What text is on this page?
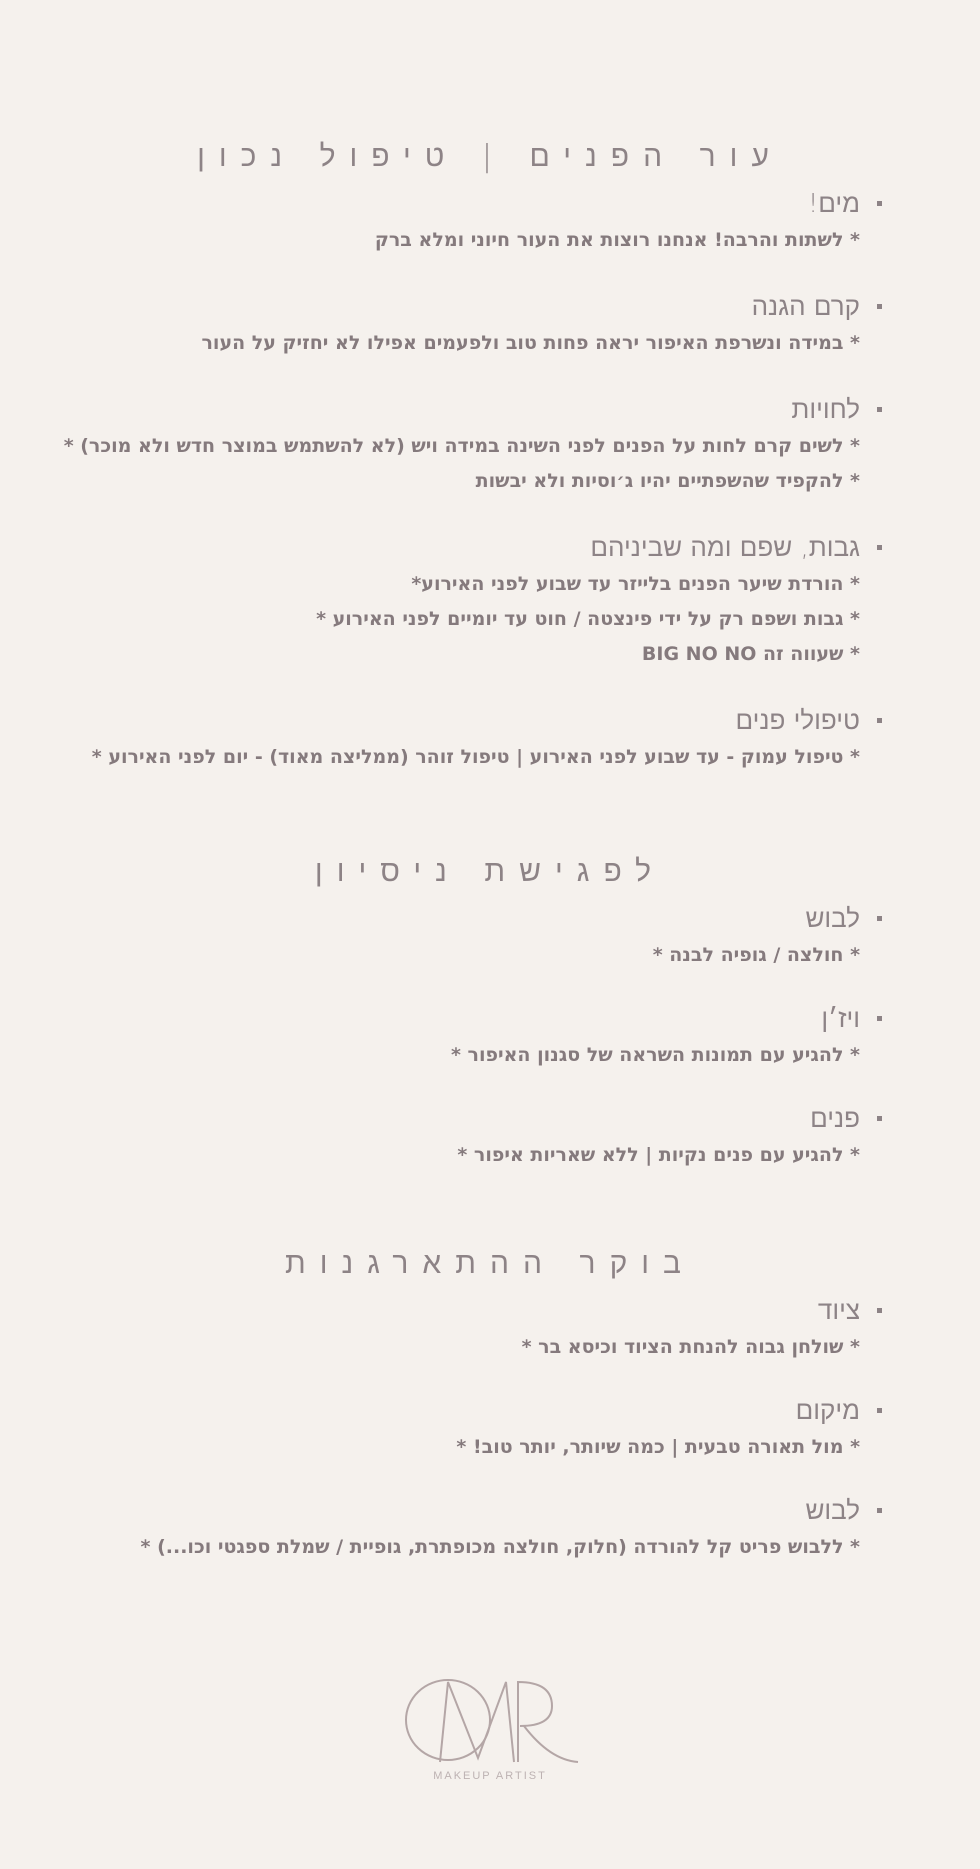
עור הפנים | טיפול נכון
מים!
* לשתות והרבה! אנחנו רוצות את העור חיוני ומלא ברק
קרם הגנה
* במידה ונשרפת האיפור יראה פחות טוב ולפעמים אפילו לא יחזיק על העור
לחויות
* לשים קרם לחות על הפנים לפני השינה במידה ויש (לא להשתמש במוצר חדש ולא מוכר) *
* להקפיד שהשפתיים יהיו ג׳וסיות ולא יבשות
גבות, שפם ומה שביניהם
* הורדת שיער הפנים בלייזר עד שבוע לפני האירוע*
* גבות ושפם רק על ידי פינצטה / חוט עד יומיים לפני האירוע *
* שעווה זה BIG NO NO
טיפולי פנים
* טיפול עמוק - עד שבוע לפני האירוע | טיפול זוהר (ממליצה מאוד) - יום לפני האירוע *
לפגישת ניסיון
לבוש
* חולצה / גופיה לבנה *
ויז׳ן
* להגיע עם תמונות השראה של סגנון האיפור *
פנים
* להגיע עם פנים נקיות | ללא שאריות איפור *
בוקר ההתארגנות
ציוד
* שולחן גבוה להנחת הציוד וכיסא בר *
מיקום
* מול תאורה טבעית | כמה שיותר, יותר טוב! *
לבוש
* ללבוש פריט קל להורדה (חלוק, חולצה מכופתרת, גופיית / שמלת ספגטי וכו...) *
MAKEUP ARTIST
